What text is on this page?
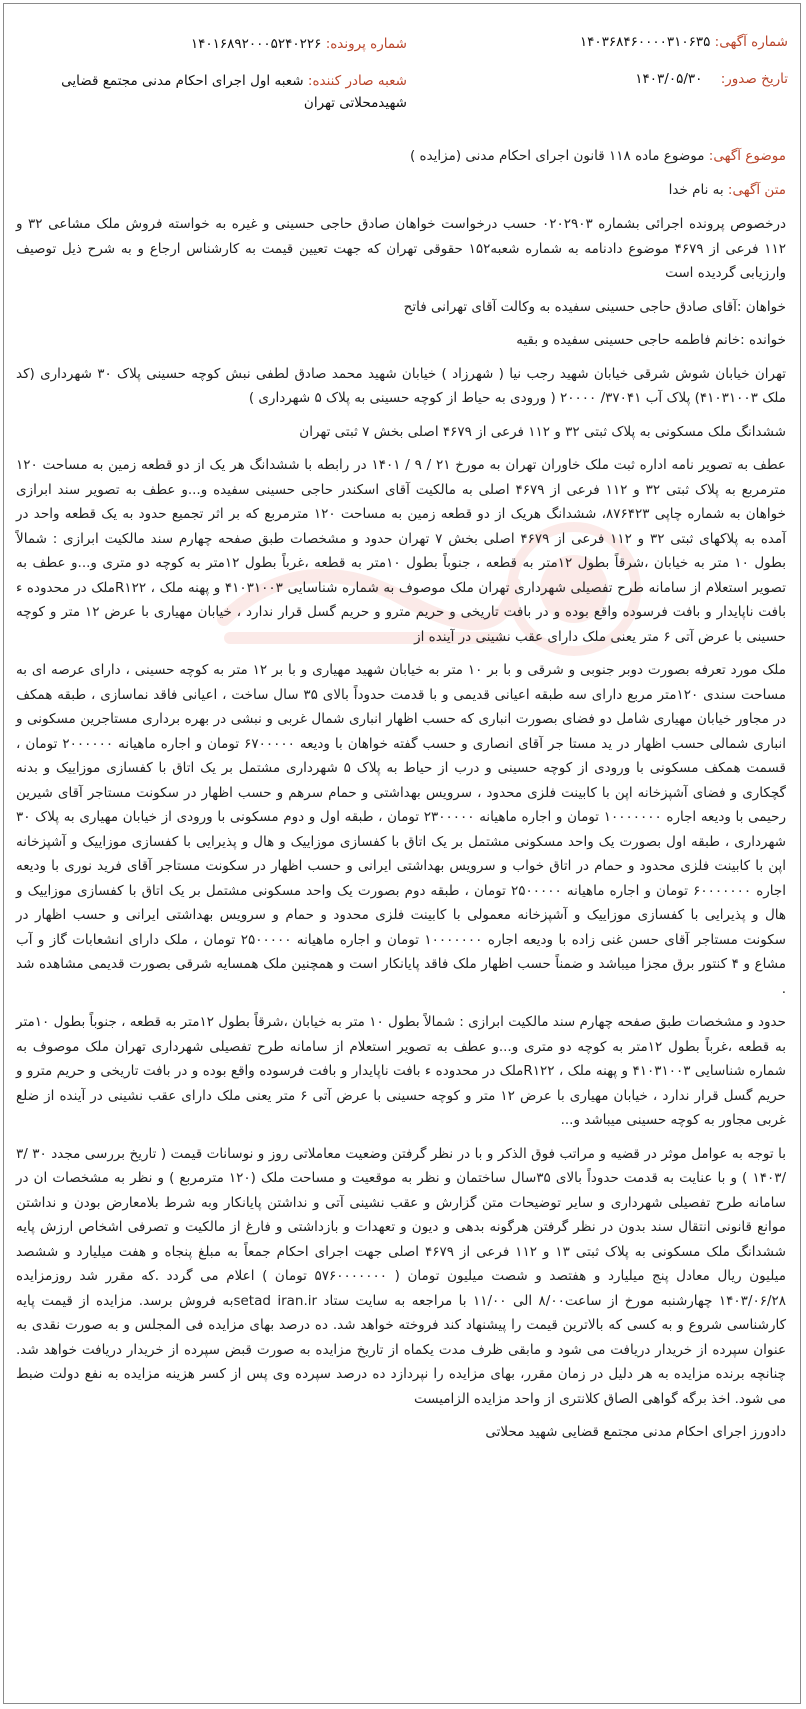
شماره آگهی: ۱۴۰۳۶۸۴۶۰۰۰۰۳۱۰۶۳۵
شماره پرونده: ۱۴۰۱۶۸۹۲۰۰۰۵۲۴۰۲۲۶
تاریخ صدور: ۱۴۰۳/۰۵/۳۰
شعبه صادر کننده: شعبه اول اجرای احکام مدنی مجتمع قضایی شهیدمحلاتی تهران

موضوع آگهی: موضوع ماده ۱۱۸ قانون اجرای احکام مدنی (مزایده )

متن آگهی: به نام خدا

درخصوص پرونده اجرائی بشماره ۰۲۰۲۹۰۳ حسب درخواست خواهان صادق حاجی حسینی و غیره به خواسته فروش ملک مشاعی ۳۲ و ۱۱۲ فرعی از ۴۶۷۹ موضوع دادنامه به شماره شعبه۱۵۲ حقوقی تهران که جهت تعیین قیمت به کارشناس ارجاع و به شرح ذیل توصیف وارزیابی گردیده است

خواهان :آقای صادق حاجی حسینی سفیده به وکالت آقای تهرانی فاتح

خوانده :خانم فاطمه حاجی حسینی سفیده و بقیه

تهران خیابان شوش شرقی خیابان شهید رجب نیا ( شهرزاد ) خیابان شهید محمد صادق لطفی نبش کوچه حسینی پلاک ۳۰ شهرداری (کد ملک ۴۱۰۳۱۰۰۳) پلاک آب ۳۷۰۴۱/ ۲۰۰۰۰ ( ورودی به حیاط از کوچه حسینی به پلاک ۵ شهرداری )

ششدانگ ملک مسکونی به پلاک ثبتی ۳۲ و ۱۱۲ فرعی از ۴۶۷۹ اصلی بخش ۷ ثبتی تهران

عطف به تصویر نامه اداره ثبت ملک خاوران تهران به مورخ ۲۱ / ۹ / ۱۴۰۱ در رابطه با ششدانگ هر یک از دو قطعه زمین به مساحت ۱۲۰ مترمربع به پلاک ثبتی ۳۲ و ۱۱۲ فرعی از ۴۶۷۹ اصلی به مالکیت آقای اسکندر حاجی حسینی سفیده و...و عطف به تصویر سند ابرازی خواهان به شماره چاپی ۸۷۶۴۲۳، ششدانگ هریک از دو قطعه زمین به مساحت ۱۲۰ مترمربع که بر اثر تجمیع حدود به یک قطعه واحد در آمده به پلاکهای ثبتی ۳۲ و ۱۱۲ فرعی از ۴۶۷۹ اصلی بخش ۷ تهران حدود و مشخصات طبق صفحه چهارم سند مالکیت ابرازی : شمالاً بطول ۱۰ متر به خیابان ،شرقاً بطول ۱۲متر به قطعه ، جنوباً بطول ۱۰متر به قطعه ،غرباً بطول ۱۲متر به کوچه دو متری و...و عطف به تصویر استعلام از سامانه طرح تفصیلی شهرداری تهران ملک موصوف به شماره شناسایی ۴۱۰۳۱۰۰۳ و پهنه ملک ، R۱۲۲ملک در محدوده ء بافت ناپایدار و بافت فرسوده واقع بوده و در بافت تاریخی و حریم مترو و حریم گسل قرار ندارد ، خیابان مهیاری با عرض ۱۲ متر و کوچه حسینی با عرض آتی ۶ متر یعنی ملک دارای عقب نشینی در آینده از

ملک مورد تعرفه بصورت دوبر جنوبی و شرقی و با بر ۱۰ متر به خیابان شهید مهیاری و با بر ۱۲ متر به کوچه حسینی ، دارای عرصه ای به مساحت سندی ۱۲۰متر مربع دارای سه طبقه اعیانی قدیمی و با قدمت حدوداً بالای ۳۵ سال ساخت ، اعیانی فاقد نماسازی ، طبقه همکف در مجاور خیابان مهیاری شامل دو فضای بصورت انباری که حسب اظهار انباری شمال غربی و نبشی در بهره برداری مستاجرین مسکونی و انباری شمالی حسب اظهار در ید مستا جر آقای انصاری و حسب گفته خواهان با ودیعه ۶۷۰۰۰۰۰ تومان و اجاره ماهیانه ۲۰۰۰۰۰۰ تومان ، قسمت همکف مسکونی با ورودی از کوچه حسینی و درب از حیاط به پلاک ۵ شهرداری مشتمل بر یک اتاق با کفسازی موزاییک و بدنه گچکاری و فضای آشپزخانه اپن با کابینت فلزی محدود ، سرویس بهداشتی و حمام سرهم و حسب اظهار در سکونت مستاجر آقای شیرین رحیمی با ودیعه اجاره ۱۰۰۰۰۰۰۰ تومان و اجاره ماهیانه ۲۳۰۰۰۰۰ تومان ، طبقه اول و دوم مسکونی با ورودی از خیابان مهیاری به پلاک ۳۰ شهرداری ، طبقه اول بصورت یک واحد مسکونی مشتمل بر یک اتاق با کفسازی موزاییک و هال و پذیرایی با کفسازی موزاییک و آشپزخانه اپن با کابینت فلزی محدود و حمام در اتاق خواب و سرویس بهداشتی ایرانی و حسب اظهار در سکونت مستاجر آقای فرید نوری با ودیعه اجاره ۶۰۰۰۰۰۰۰ تومان و اجاره ماهیانه ۲۵۰۰۰۰۰ تومان ، طبقه دوم بصورت یک واحد مسکونی مشتمل بر یک اتاق با کفسازی موزاییک و هال و پذیرایی با کفسازی موزاییک و آشپزخانه معمولی با کابینت فلزی محدود و حمام و سرویس بهداشتی ایرانی و حسب اظهار در سکونت مستاجر آقای حسن غنی زاده با ودیعه اجاره ۱۰۰۰۰۰۰۰ تومان و اجاره ماهیانه ۲۵۰۰۰۰۰ تومان ، ملک دارای انشعابات گاز و آب مشاع و ۴ کنتور برق مجزا میباشد و ضمناً حسب اظهار ملک فاقد پایانکار است و همچنین ملک همسایه شرقی بصورت قدیمی مشاهده شد .

حدود و مشخصات طبق صفحه چهارم سند مالکیت ابرازی : شمالاً بطول ۱۰ متر به خیابان ،شرقاً بطول ۱۲متر به قطعه ، جنوباً بطول ۱۰متر به قطعه ،غرباً بطول ۱۲متر به کوچه دو متری و...و عطف به تصویر استعلام از سامانه طرح تفصیلی شهرداری تهران ملک موصوف به شماره شناسایی ۴۱۰۳۱۰۰۳ و پهنه ملک ، R۱۲۲ملک در محدوده ء بافت ناپایدار و بافت فرسوده واقع بوده و در بافت تاریخی و حریم مترو و حریم گسل قرار ندارد ، خیابان مهیاری با عرض ۱۲ متر و کوچه حسینی با عرض آتی ۶ متر یعنی ملک دارای عقب نشینی در آینده از ضلع غربی مجاور به کوچه حسینی میباشد و...

با توجه به عوامل موثر در قضیه و مراتب فوق الذکر و با در نظر گرفتن وضعیت معاملاتی روز و نوسانات قیمت ( تاریخ بررسی مجدد ۳۰ /۳ /۱۴۰۳ ) و با عنایت به قدمت حدوداً بالای ۳۵سال ساختمان و نظر به موقعیت و مساحت ملک (۱۲۰ مترمربع ) و نظر به مشخصات ان در سامانه طرح تفصیلی شهرداری و سایر توضیحات متن گزارش و عقب نشینی آتی و نداشتن پایانکار وبه شرط بلامعارض بودن و نداشتن موانع قانونی انتقال سند بدون در نظر گرفتن هرگونه بدهی و دیون و تعهدات و بازداشتی و فارغ از مالکیت و تصرفی اشخاص ارزش پایه ششدانگ ملک مسکونی به پلاک ثبتی ۱۳ و ۱۱۲ فرعی از ۴۶۷۹ اصلی جهت اجرای احکام جمعاً به مبلغ پنجاه و هفت میلیارد و ششصد میلیون ریال معادل پنج میلیارد و هفتصد و شصت میلیون تومان ( ۵۷۶۰۰۰۰۰۰۰ تومان ) اعلام می گردد .که مقرر شد روزمزایده ۱۴۰۳/۰۶/۲۸ چهارشنبه مورخ از ساعت۸/۰۰ الی ۱۱/۰۰ با مراجعه به سایت ستاد setad iran.irبه فروش برسد. مزایده از قیمت پایه کارشناسی شروع و به کسی که بالاترین قیمت را پیشنهاد کند فروخته خواهد شد. ده درصد بهای مزایده فی المجلس و به صورت نقدی به عنوان سپرده از خریدار دریافت می شود و مابقی ظرف مدت یکماه از تاریخ مزایده به صورت قبض سپرده از خریدار دریافت خواهد شد. چنانچه برنده مزایده به هر دلیل در زمان مقرر، بهای مزایده را نپردازد ده درصد سپرده وی پس از کسر هزینه مزایده به نفع دولت ضبط می شود. اخذ برگه گواهی الصاق کلانتری از واحد مزایده الزامیست

دادورز اجرای احکام مدنی مجتمع قضایی شهید محلاتی
